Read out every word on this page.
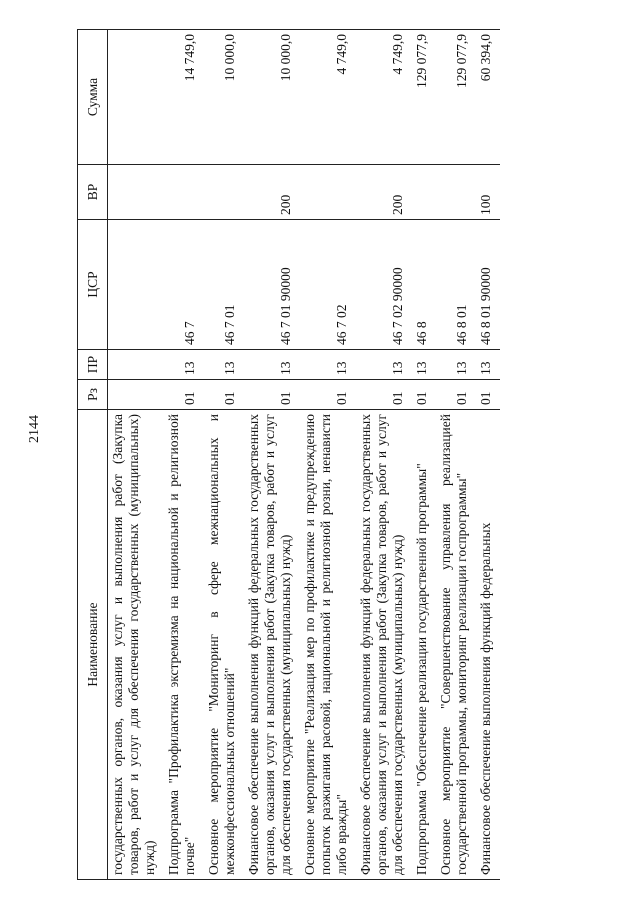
2144
Наименование	Рз	ПР	ЦСР	ВР	Сумма
государственных органов, оказания услуг и выполнения работ (Закупка товаров, работ и услуг для обеспечения государственных (муниципальных) нужд)					
Подпрограмма "Профилактика экстремизма на национальной и религиозной почве"	01	13	46 7		14 749,0
Основное мероприятие "Мониторинг в сфере межнациональных и межконфессиональных отношений"	01	13	46 7 01		10 000,0
Финансовое обеспечение выполнения функций федеральных государственных органов, оказания услуг и выполнения работ (Закупка товаров, работ и услуг для обеспечения государственных (муниципальных) нужд)	01	13	46 7 01 90000	200	10 000,0
Основное мероприятие "Реализация мер по профилактике и предупреждению попыток разжигания расовой, национальной и религиозной розни, ненависти либо вражды"	01	13	46 7 02		4 749,0
Финансовое обеспечение выполнения функций федеральных государственных органов, оказания услуг и выполнения работ (Закупка товаров, работ и услуг для обеспечения государственных (муниципальных) нужд)	01	13	46 7 02 90000	200	4 749,0
Подпрограмма "Обеспечение реализации государственной программы"	01	13	46 8		129 077,9
Основное мероприятие "Совершенствование управления реализацией государственной программы, мониторинг реализации госпрограммы"	01	13	46 8 01		129 077,9
Финансовое обеспечение выполнения функций федеральных	01	13	46 8 01 90000	100	60 394,0
